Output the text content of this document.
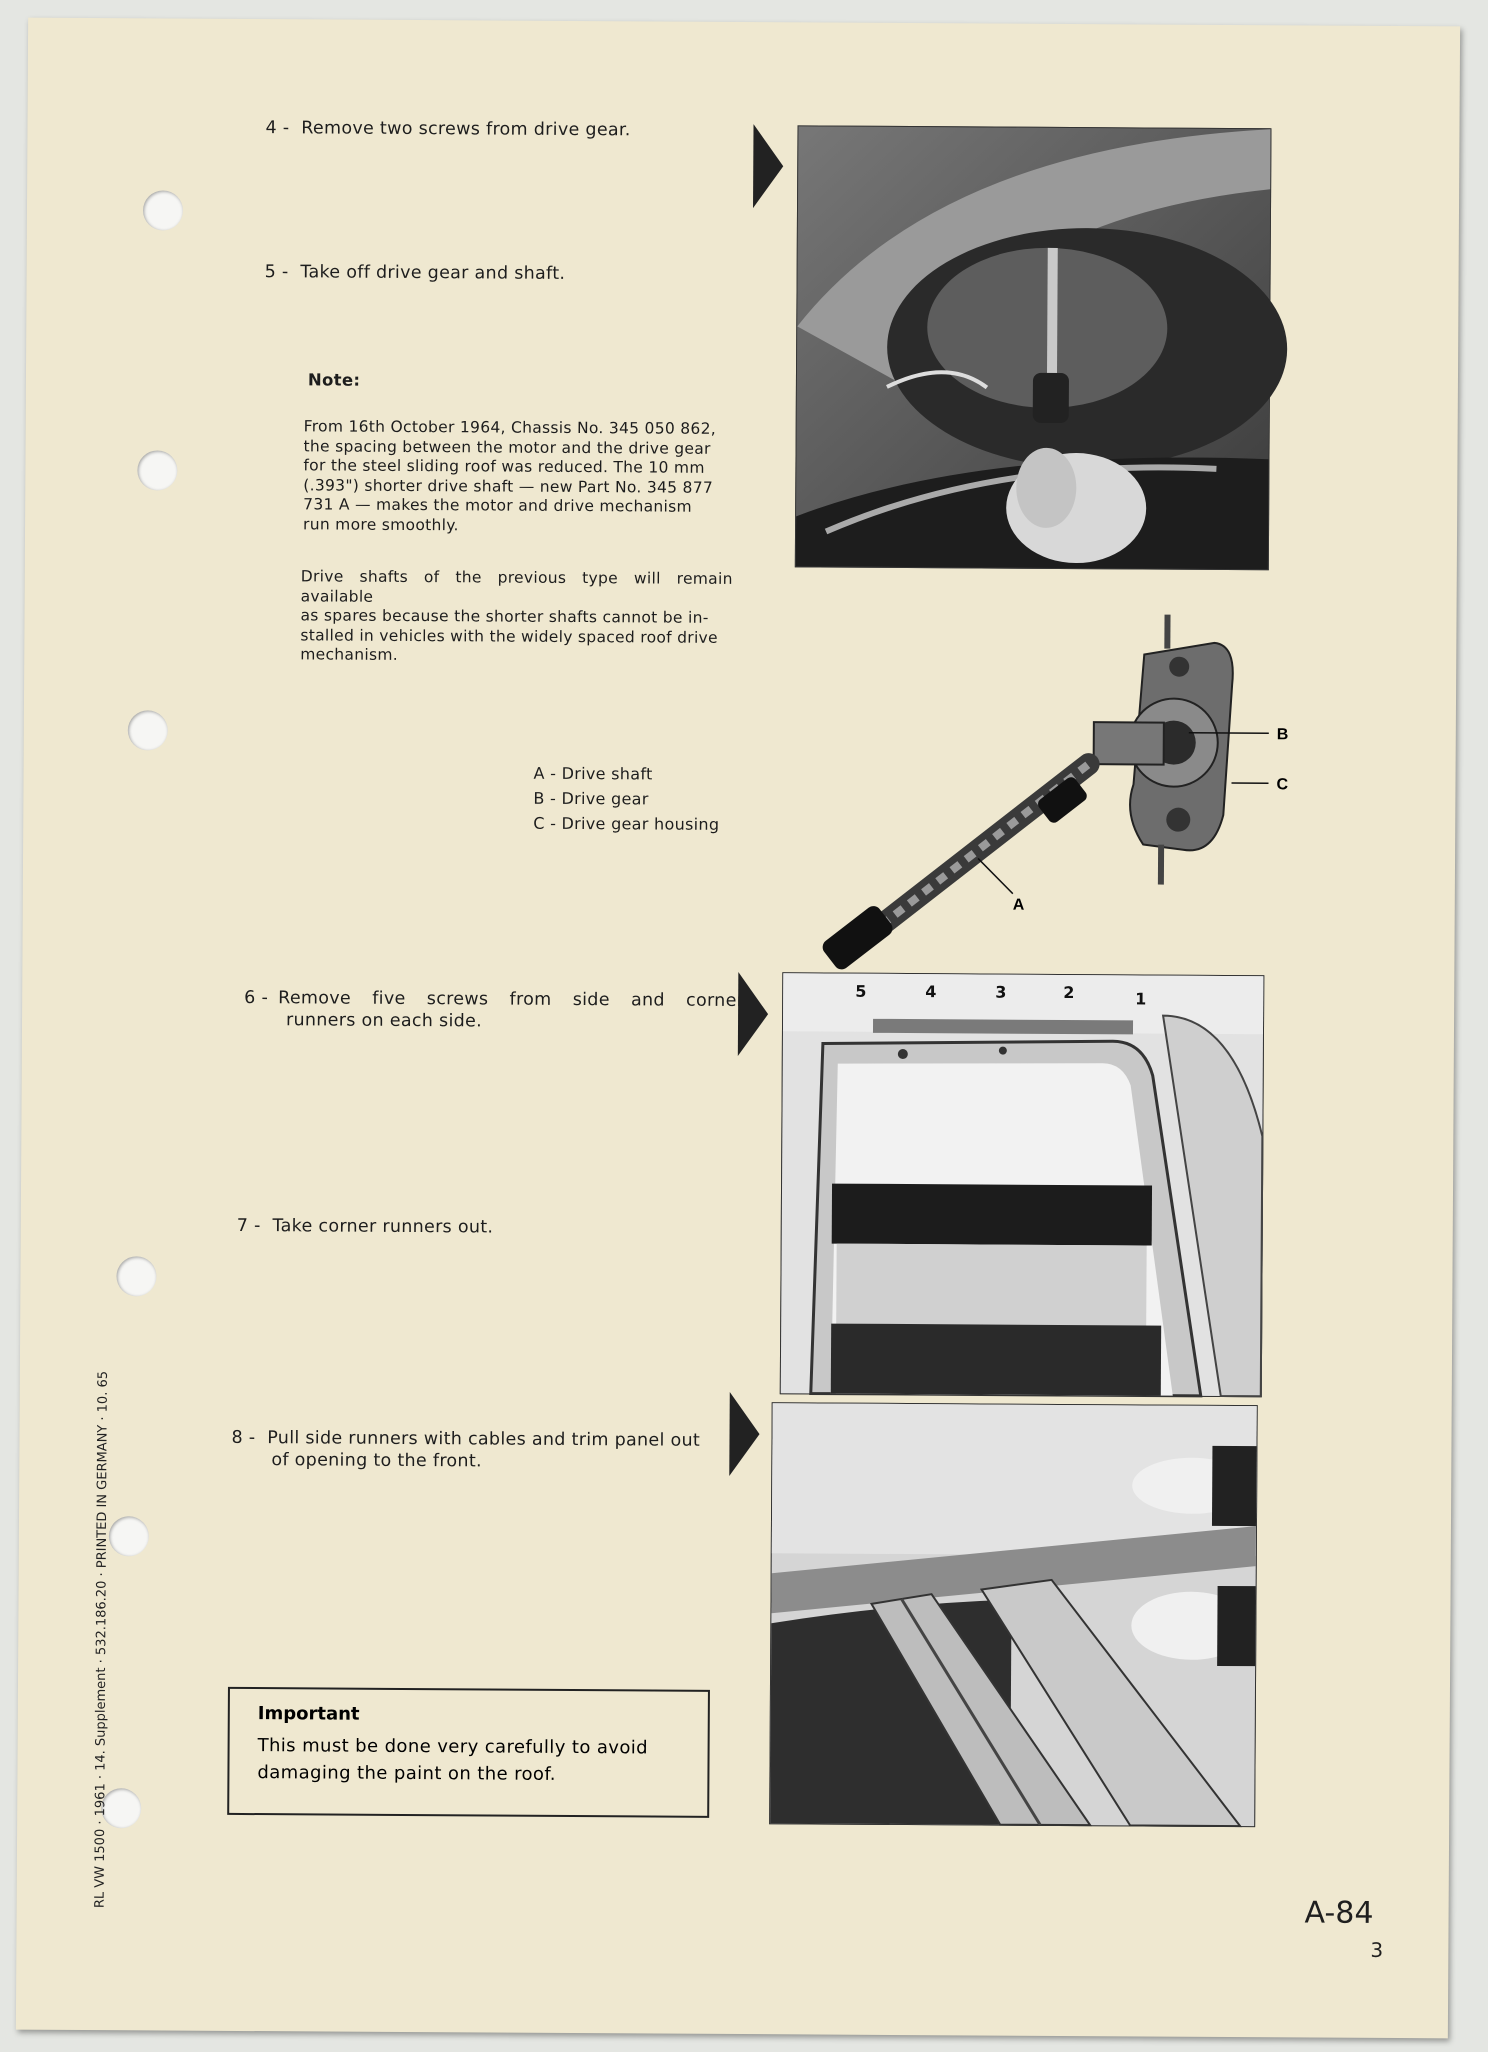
4 - Remove two screws from drive gear.
5 - Take off drive gear and shaft.
Note:
From 16th October 1964, Chassis No. 345 050 862,
the spacing between the motor and the drive gear
for the steel sliding roof was reduced. The 10 mm
(.393") shorter drive shaft — new Part No. 345 877
731 A — makes the motor and drive mechanism
run more smoothly.
Drive shafts of the previous type will remain available
as spares because the shorter shafts cannot be in-
stalled in vehicles with the widely spaced roof drive
mechanism.
A - Drive shaft
B - Drive gear
C - Drive gear housing
6 - Remove five screws from side and corner
runners on each side.
7 - Take corner runners out.
8 - Pull side runners with cables and trim panel out
of opening to the front.
Important
This must be done very carefully to avoid
damaging the paint on the roof.
B
C
A
5	4	3	2	1
RL VW 1500 · 1961 · 14. Supplement · 532.186.20 · PRINTED IN GERMANY · 10. 65
A-84
3
